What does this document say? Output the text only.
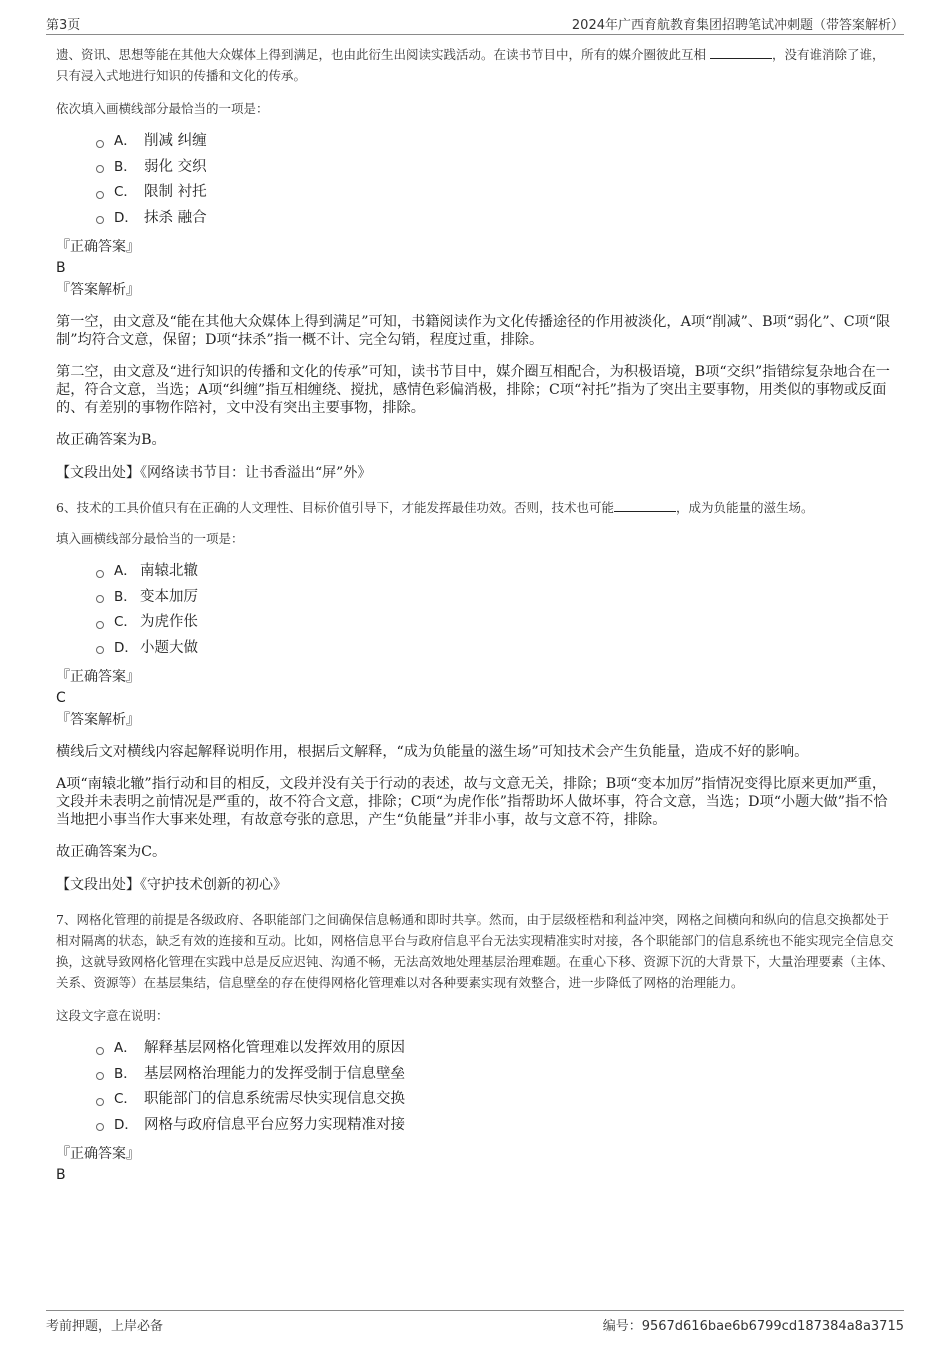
第3页	2024年广西育航教育集团招聘笔试冲刺题（带答案解析）

遗、资讯、思想等能在其他大众媒体上得到满足，也由此衍生出阅读实践活动。在读书节目中，所有的媒介圈彼此互相	，没有谁消除了谁，只有浸入式地进行知识的传播和文化的传承。

依次填入画横线部分最恰当的一项是：

A． 削减 纠缠
B． 弱化 交织
C． 限制 衬托
D． 抹杀 融合

『正确答案』

B

『答案解析』

第一空，由文意及“能在其他大众媒体上得到满足”可知，书籍阅读作为文化传播途径的作用被淡化，A项“削减”、B项“弱化”、C项“限制”均符合文意，保留；D项“抹杀”指一概不计、完全勾销，程度过重，排除。

第二空，由文意及“进行知识的传播和文化的传承”可知，读书节目中，媒介圈互相配合，为积极语境，B项“交织”指错综复杂地合在一起，符合文意，当选；A项“纠缠”指互相缠绕、搅扰，感情色彩偏消极，排除；C项“衬托”指为了突出主要事物，用类似的事物或反面的、有差别的事物作陪衬，文中没有突出主要事物，排除。

故正确答案为B。

【文段出处】《网络读书节目：让书香溢出“屏”外》

6、技术的工具价值只有在正确的人文理性、目标价值引导下，才能发挥最佳功效。否则，技术也可能	，成为负能量的滋生场。

填入画横线部分最恰当的一项是：

A． 南辕北辙
B． 变本加厉
C． 为虎作伥
D． 小题大做

『正确答案』

C

『答案解析』

横线后文对横线内容起解释说明作用，根据后文解释，“成为负能量的滋生场”可知技术会产生负能量，造成不好的影响。

A项“南辕北辙”指行动和目的相反，文段并没有关于行动的表述，故与文意无关，排除；B项“变本加厉”指情况变得比原来更加严重，文段并未表明之前情况是严重的，故不符合文意，排除；C项“为虎作伥”指帮助坏人做坏事，符合文意，当选；D项“小题大做”指不恰当地把小事当作大事来处理，有故意夸张的意思，产生“负能量”并非小事，故与文意不符，排除。

故正确答案为C。

【文段出处】《守护技术创新的初心》

7、网格化管理的前提是各级政府、各职能部门之间确保信息畅通和即时共享。然而，由于层级桎梏和利益冲突，网格之间横向和纵向的信息交换都处于相对隔离的状态，缺乏有效的连接和互动。比如，网格信息平台与政府信息平台无法实现精准实时对接，各个职能部门的信息系统也不能实现完全信息交换，这就导致网格化管理在实践中总是反应迟钝、沟通不畅，无法高效地处理基层治理难题。在重心下移、资源下沉的大背景下，大量治理要素（主体、关系、资源等）在基层集结，信息壁垒的存在使得网格化管理难以对各种要素实现有效整合，进一步降低了网格的治理能力。

这段文字意在说明：

A． 解释基层网格化管理难以发挥效用的原因
B． 基层网格治理能力的发挥受制于信息壁垒
C． 职能部门的信息系统需尽快实现信息交换
D． 网格与政府信息平台应努力实现精准对接

『正确答案』

B

考前押题，上岸必备	编号：9567d616bae6b6799cd187384a8a3715
